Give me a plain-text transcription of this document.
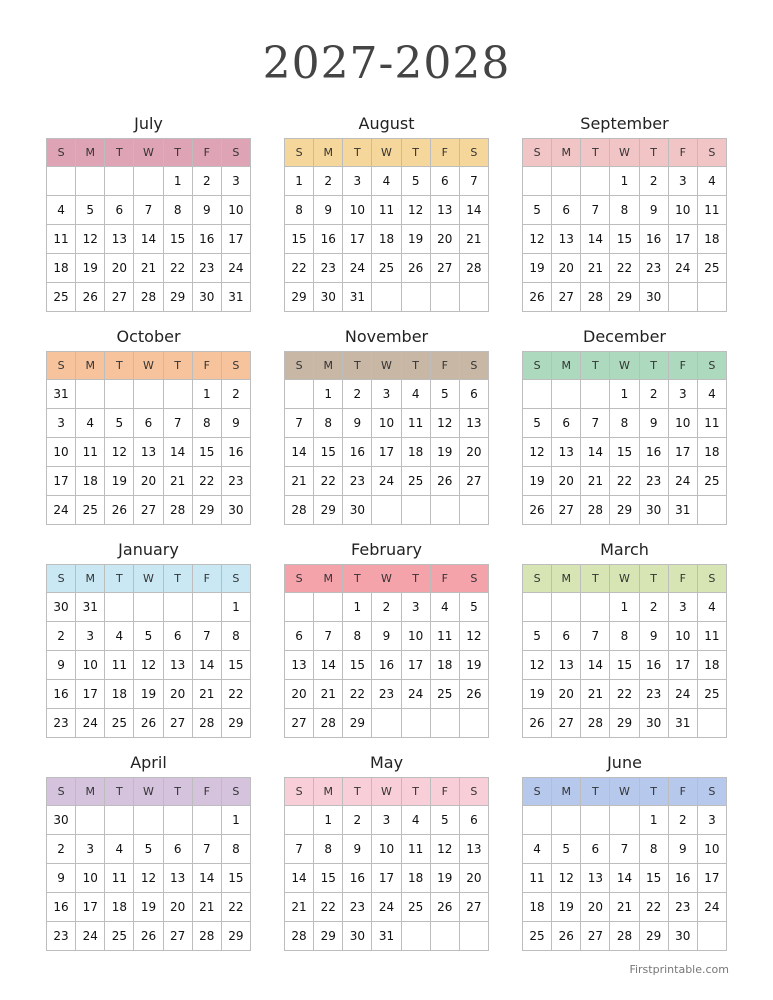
2027-2028
July
S	M	T	W	T	F	S
				1	2	3
4	5	6	7	8	9	10
11	12	13	14	15	16	17
18	19	20	21	22	23	24
25	26	27	28	29	30	31
August
S	M	T	W	T	F	S
1	2	3	4	5	6	7
8	9	10	11	12	13	14
15	16	17	18	19	20	21
22	23	24	25	26	27	28
29	30	31				
September
S	M	T	W	T	F	S
			1	2	3	4
5	6	7	8	9	10	11
12	13	14	15	16	17	18
19	20	21	22	23	24	25
26	27	28	29	30		
October
S	M	T	W	T	F	S
31					1	2
3	4	5	6	7	8	9
10	11	12	13	14	15	16
17	18	19	20	21	22	23
24	25	26	27	28	29	30
November
S	M	T	W	T	F	S
	1	2	3	4	5	6
7	8	9	10	11	12	13
14	15	16	17	18	19	20
21	22	23	24	25	26	27
28	29	30				
December
S	M	T	W	T	F	S
			1	2	3	4
5	6	7	8	9	10	11
12	13	14	15	16	17	18
19	20	21	22	23	24	25
26	27	28	29	30	31	
January
S	M	T	W	T	F	S
30	31					1
2	3	4	5	6	7	8
9	10	11	12	13	14	15
16	17	18	19	20	21	22
23	24	25	26	27	28	29
February
S	M	T	W	T	F	S
		1	2	3	4	5
6	7	8	9	10	11	12
13	14	15	16	17	18	19
20	21	22	23	24	25	26
27	28	29				
March
S	M	T	W	T	F	S
			1	2	3	4
5	6	7	8	9	10	11
12	13	14	15	16	17	18
19	20	21	22	23	24	25
26	27	28	29	30	31	
April
S	M	T	W	T	F	S
30						1
2	3	4	5	6	7	8
9	10	11	12	13	14	15
16	17	18	19	20	21	22
23	24	25	26	27	28	29
May
S	M	T	W	T	F	S
	1	2	3	4	5	6
7	8	9	10	11	12	13
14	15	16	17	18	19	20
21	22	23	24	25	26	27
28	29	30	31			
June
S	M	T	W	T	F	S
				1	2	3
4	5	6	7	8	9	10
11	12	13	14	15	16	17
18	19	20	21	22	23	24
25	26	27	28	29	30	
Firstprintable.com
